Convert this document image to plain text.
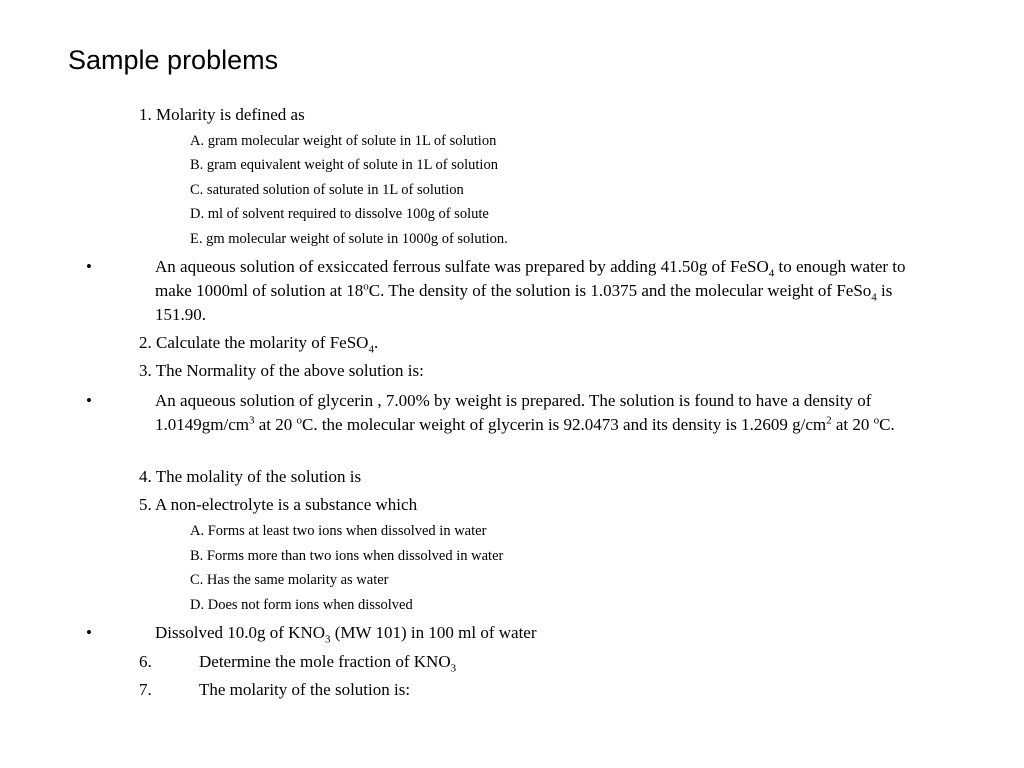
Sample problems
1. Molarity is defined as
A. gram molecular weight of solute in 1L of solution
B. gram equivalent weight of solute in 1L of solution
C. saturated solution of solute in 1L of solution
D. ml of solvent required to dissolve 100g of solute
E. gm molecular weight of solute in 1000g of solution.
•	An aqueous solution of exsiccated ferrous sulfate was prepared by adding 41.50g of FeSO$_4$ to enough water to make 1000ml of solution at 18$^o$C. The density of the solution is 1.0375 and the molecular weight of FeSo$_4$ is 151.90.
2. Calculate the molarity of FeSO$_4$.
3. The Normality of the above solution is:
•	An aqueous solution of glycerin , 7.00% by weight is prepared. The solution is found to have a density of $1.0149gm/cm^3$ at 20 $^o$C. the molecular weight of glycerin is 92.0473 and its density is 1.2609 $g/cm^2$ at 20 $^o$C.
4. The molality of the solution is
5. A non-electrolyte is a substance which
A. Forms at least two ions when dissolved in water
B. Forms more than two ions when dissolved in water
C. Has the same molarity as water
D. Does not form ions when dissolved
•	Dissolved 10.0g of $KNO_3$ (MW 101) in 100 ml of water
6.	Determine the mole fraction of $KNO_3$
7.	The molarity of the solution is:
